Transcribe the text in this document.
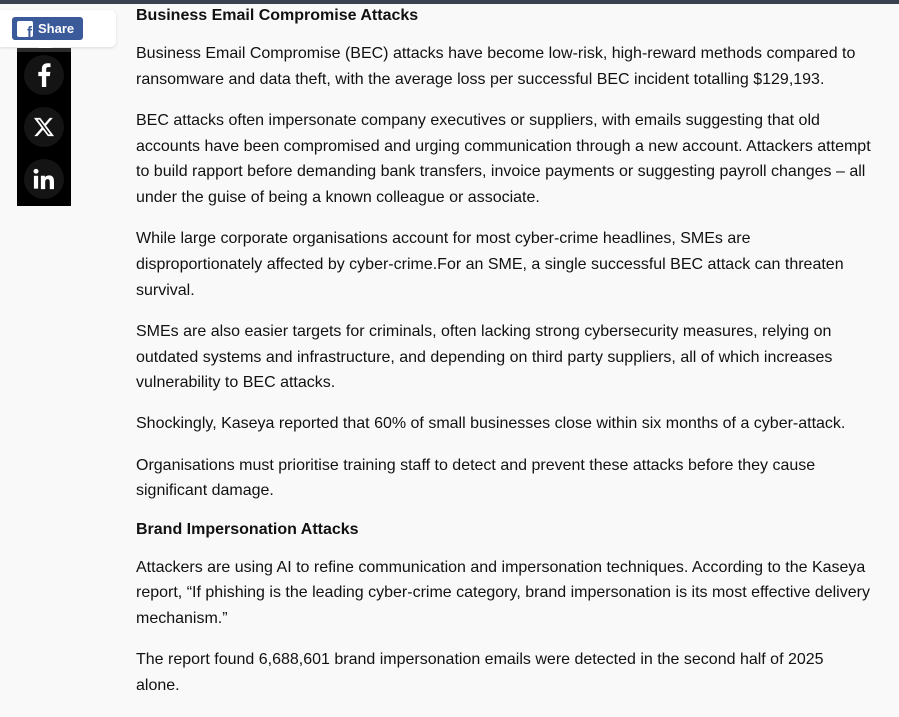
f Share
Business Email Compromise Attacks

Business Email Compromise (BEC) attacks have become low-risk, high-reward methods compared to ransomware and data theft, with the average loss per successful BEC incident totalling $129,193.

BEC attacks often impersonate company executives or suppliers, with emails suggesting that old accounts have been compromised and urging communication through a new account. Attackers attempt to build rapport before demanding bank transfers, invoice payments or suggesting payroll changes – all under the guise of being a known colleague or associate.

While large corporate organisations account for most cyber-crime headlines, SMEs are disproportionately affected by cyber-crime.For an SME, a single successful BEC attack can threaten survival.

SMEs are also easier targets for criminals, often lacking strong cybersecurity measures, relying on outdated systems and infrastructure, and depending on third party suppliers, all of which increases vulnerability to BEC attacks.

Shockingly, Kaseya reported that 60% of small businesses close within six months of a cyber-attack.

Organisations must prioritise training staff to detect and prevent these attacks before they cause significant damage.

Brand Impersonation Attacks

Attackers are using AI to refine communication and impersonation techniques. According to the Kaseya report, “If phishing is the leading cyber-crime category, brand impersonation is its most effective delivery mechanism.”

The report found 6,688,601 brand impersonation emails were detected in the second half of 2025 alone.
